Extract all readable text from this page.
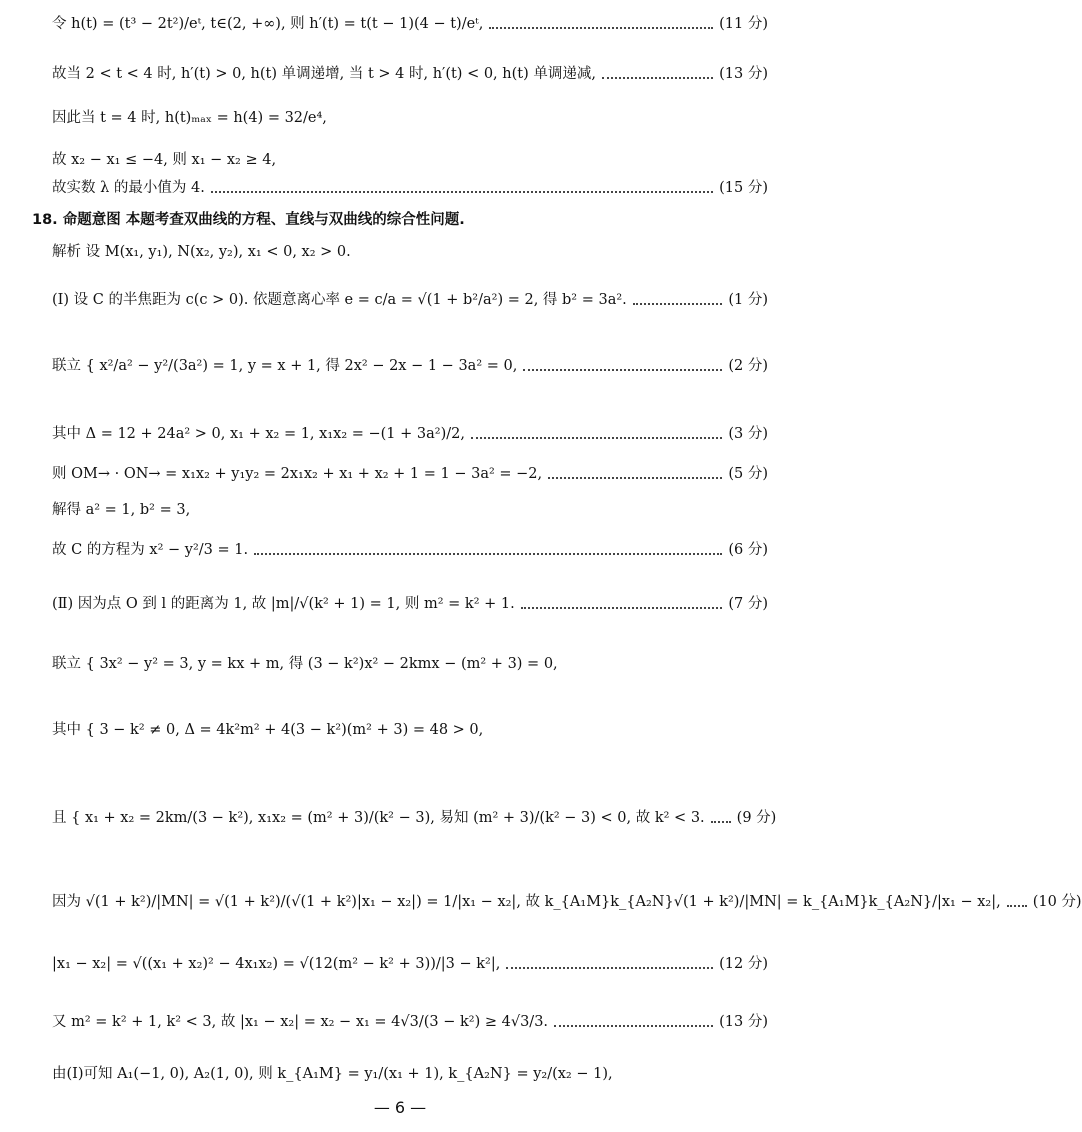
令 h(t) = (t³ − 2t²)/eᵗ, t∈(2, +∞), 则 h′(t) = t(t − 1)(4 − t)/eᵗ,	(11 分)
故当 2 < t < 4 时, h′(t) > 0, h(t) 单调递增, 当 t > 4 时, h′(t) < 0, h(t) 单调递减,	(13 分)
因此当 t = 4 时, h(t)ₘₐₓ = h(4) = 32/e⁴,
故 x₂ − x₁ ≤ −4, 则 x₁ − x₂ ≥ 4,
故实数 λ 的最小值为 4.	(15 分)
18. 命题意图 本题考查双曲线的方程、直线与双曲线的综合性问题.
解析 设 M(x₁, y₁), N(x₂, y₂), x₁ < 0, x₂ > 0.
(Ⅰ) 设 C 的半焦距为 c(c > 0). 依题意离心率 e = c/a = √(1 + b²/a²) = 2, 得 b² = 3a².	(1 分)
联立 { x²/a² − y²/(3a²) = 1, y = x + 1, 得 2x² − 2x − 1 − 3a² = 0,	(2 分)
其中 Δ = 12 + 24a² > 0, x₁ + x₂ = 1, x₁x₂ = −(1 + 3a²)/2,	(3 分)
则 OM→ · ON→ = x₁x₂ + y₁y₂ = 2x₁x₂ + x₁ + x₂ + 1 = 1 − 3a² = −2,	(5 分)
解得 a² = 1, b² = 3,
故 C 的方程为 x² − y²/3 = 1.	(6 分)
(Ⅱ) 因为点 O 到 l 的距离为 1, 故 |m|/√(k² + 1) = 1, 则 m² = k² + 1.	(7 分)
联立 { 3x² − y² = 3, y = kx + m, 得 (3 − k²)x² − 2kmx − (m² + 3) = 0,
其中 { 3 − k² ≠ 0, Δ = 4k²m² + 4(3 − k²)(m² + 3) = 48 > 0,
且 { x₁ + x₂ = 2km/(3 − k²), x₁x₂ = (m² + 3)/(k² − 3), 易知 (m² + 3)/(k² − 3) < 0, 故 k² < 3. (9 分)
因为 √(1 + k²)/|MN| = √(1 + k²)/(√(1 + k²)|x₁ − x₂|) = 1/|x₁ − x₂|, 故 k_{A₁M}k_{A₂N}√(1 + k²)/|MN| = k_{A₁M}k_{A₂N}/|x₁ − x₂|, (10 分)
|x₁ − x₂| = √((x₁ + x₂)² − 4x₁x₂) = √(12(m² − k² + 3))/|3 − k²|,	(12 分)
又 m² = k² + 1, k² < 3, 故 |x₁ − x₂| = x₂ − x₁ = 4√3/(3 − k²) ≥ 4√3/3.	(13 分)
由(Ⅰ)可知 A₁(−1, 0), A₂(1, 0), 则 k_{A₁M} = y₁/(x₁ + 1), k_{A₂N} = y₂/(x₂ − 1),
— 6 —
